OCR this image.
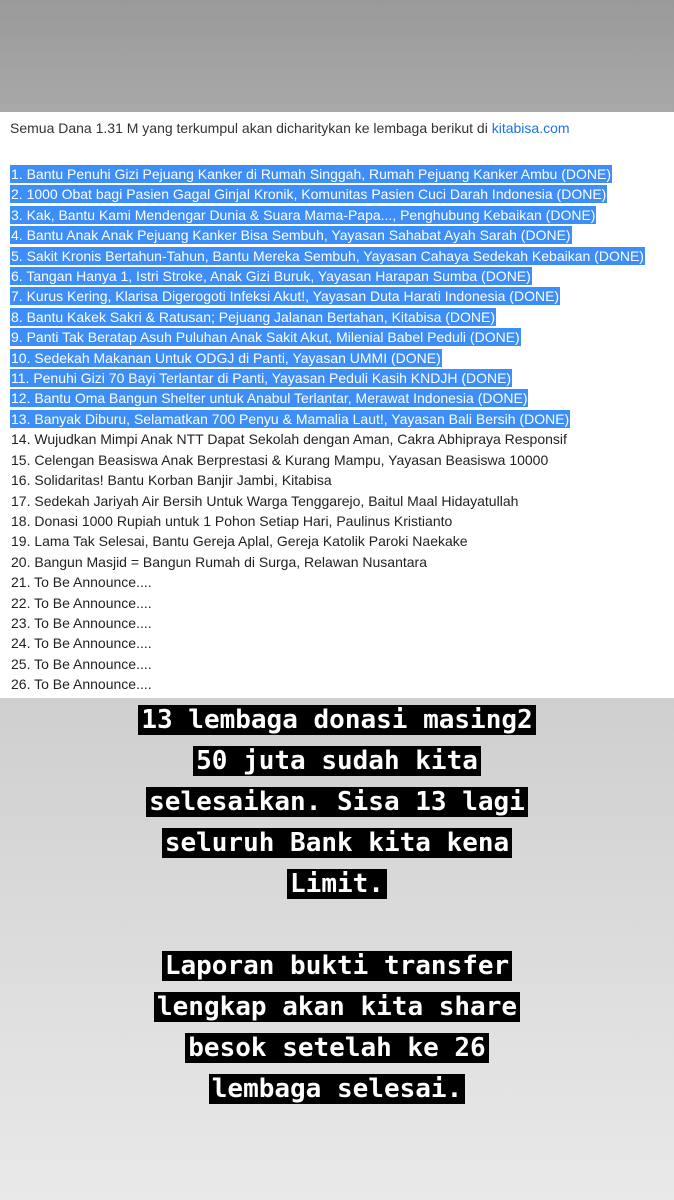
Semua Dana 1.31 M yang terkumpul akan dicharitykan ke lembaga berikut di kitabisa.com
1. Bantu Penuhi Gizi Pejuang Kanker di Rumah Singgah, Rumah Pejuang Kanker Ambu (DONE)
2. 1000 Obat bagi Pasien Gagal Ginjal Kronik, Komunitas Pasien Cuci Darah Indonesia (DONE)
3. Kak, Bantu Kami Mendengar Dunia & Suara Mama-Papa..., Penghubung Kebaikan (DONE)
4. Bantu Anak Anak Pejuang Kanker Bisa Sembuh, Yayasan Sahabat Ayah Sarah (DONE)
5. Sakit Kronis Bertahun-Tahun, Bantu Mereka Sembuh, Yayasan Cahaya Sedekah Kebaikan (DONE)
6. Tangan Hanya 1, Istri Stroke, Anak Gizi Buruk, Yayasan Harapan Sumba (DONE)
7. Kurus Kering, Klarisa Digerogoti Infeksi Akut!, Yayasan Duta Harati Indonesia (DONE)
8. Bantu Kakek Sakri & Ratusan; Pejuang Jalanan Bertahan, Kitabisa (DONE)
9. Panti Tak Beratap Asuh Puluhan Anak Sakit Akut, Milenial Babel Peduli (DONE)
10. Sedekah Makanan Untuk ODGJ di Panti, Yayasan UMMI (DONE)
11. Penuhi Gizi 70 Bayi Terlantar di Panti, Yayasan Peduli Kasih KNDJH (DONE)
12. Bantu Oma Bangun Shelter untuk Anabul Terlantar, Merawat Indonesia (DONE)
13. Banyak Diburu, Selamatkan 700 Penyu & Mamalia Laut!, Yayasan Bali Bersih (DONE)
14. Wujudkan Mimpi Anak NTT Dapat Sekolah dengan Aman, Cakra Abhipraya Responsif
15. Celengan Beasiswa Anak Berprestasi & Kurang Mampu, Yayasan Beasiswa 10000
16. Solidaritas! Bantu Korban Banjir Jambi, Kitabisa
17. Sedekah Jariyah Air Bersih Untuk Warga Tenggarejo, Baitul Maal Hidayatullah
18. Donasi 1000 Rupiah untuk 1 Pohon Setiap Hari, Paulinus Kristianto
19. Lama Tak Selesai, Bantu Gereja Aplal, Gereja Katolik Paroki Naekake
20. Bangun Masjid = Bangun Rumah di Surga, Relawan Nusantara
21. To Be Announce....
22. To Be Announce....
23. To Be Announce....
24. To Be Announce....
25. To Be Announce....
26. To Be Announce....
13 lembaga donasi masing2
50 juta sudah kita
selesaikan. Sisa 13 lagi
seluruh Bank kita kena
Limit.
Laporan bukti transfer
lengkap akan kita share
besok setelah ke 26
lembaga selesai.
